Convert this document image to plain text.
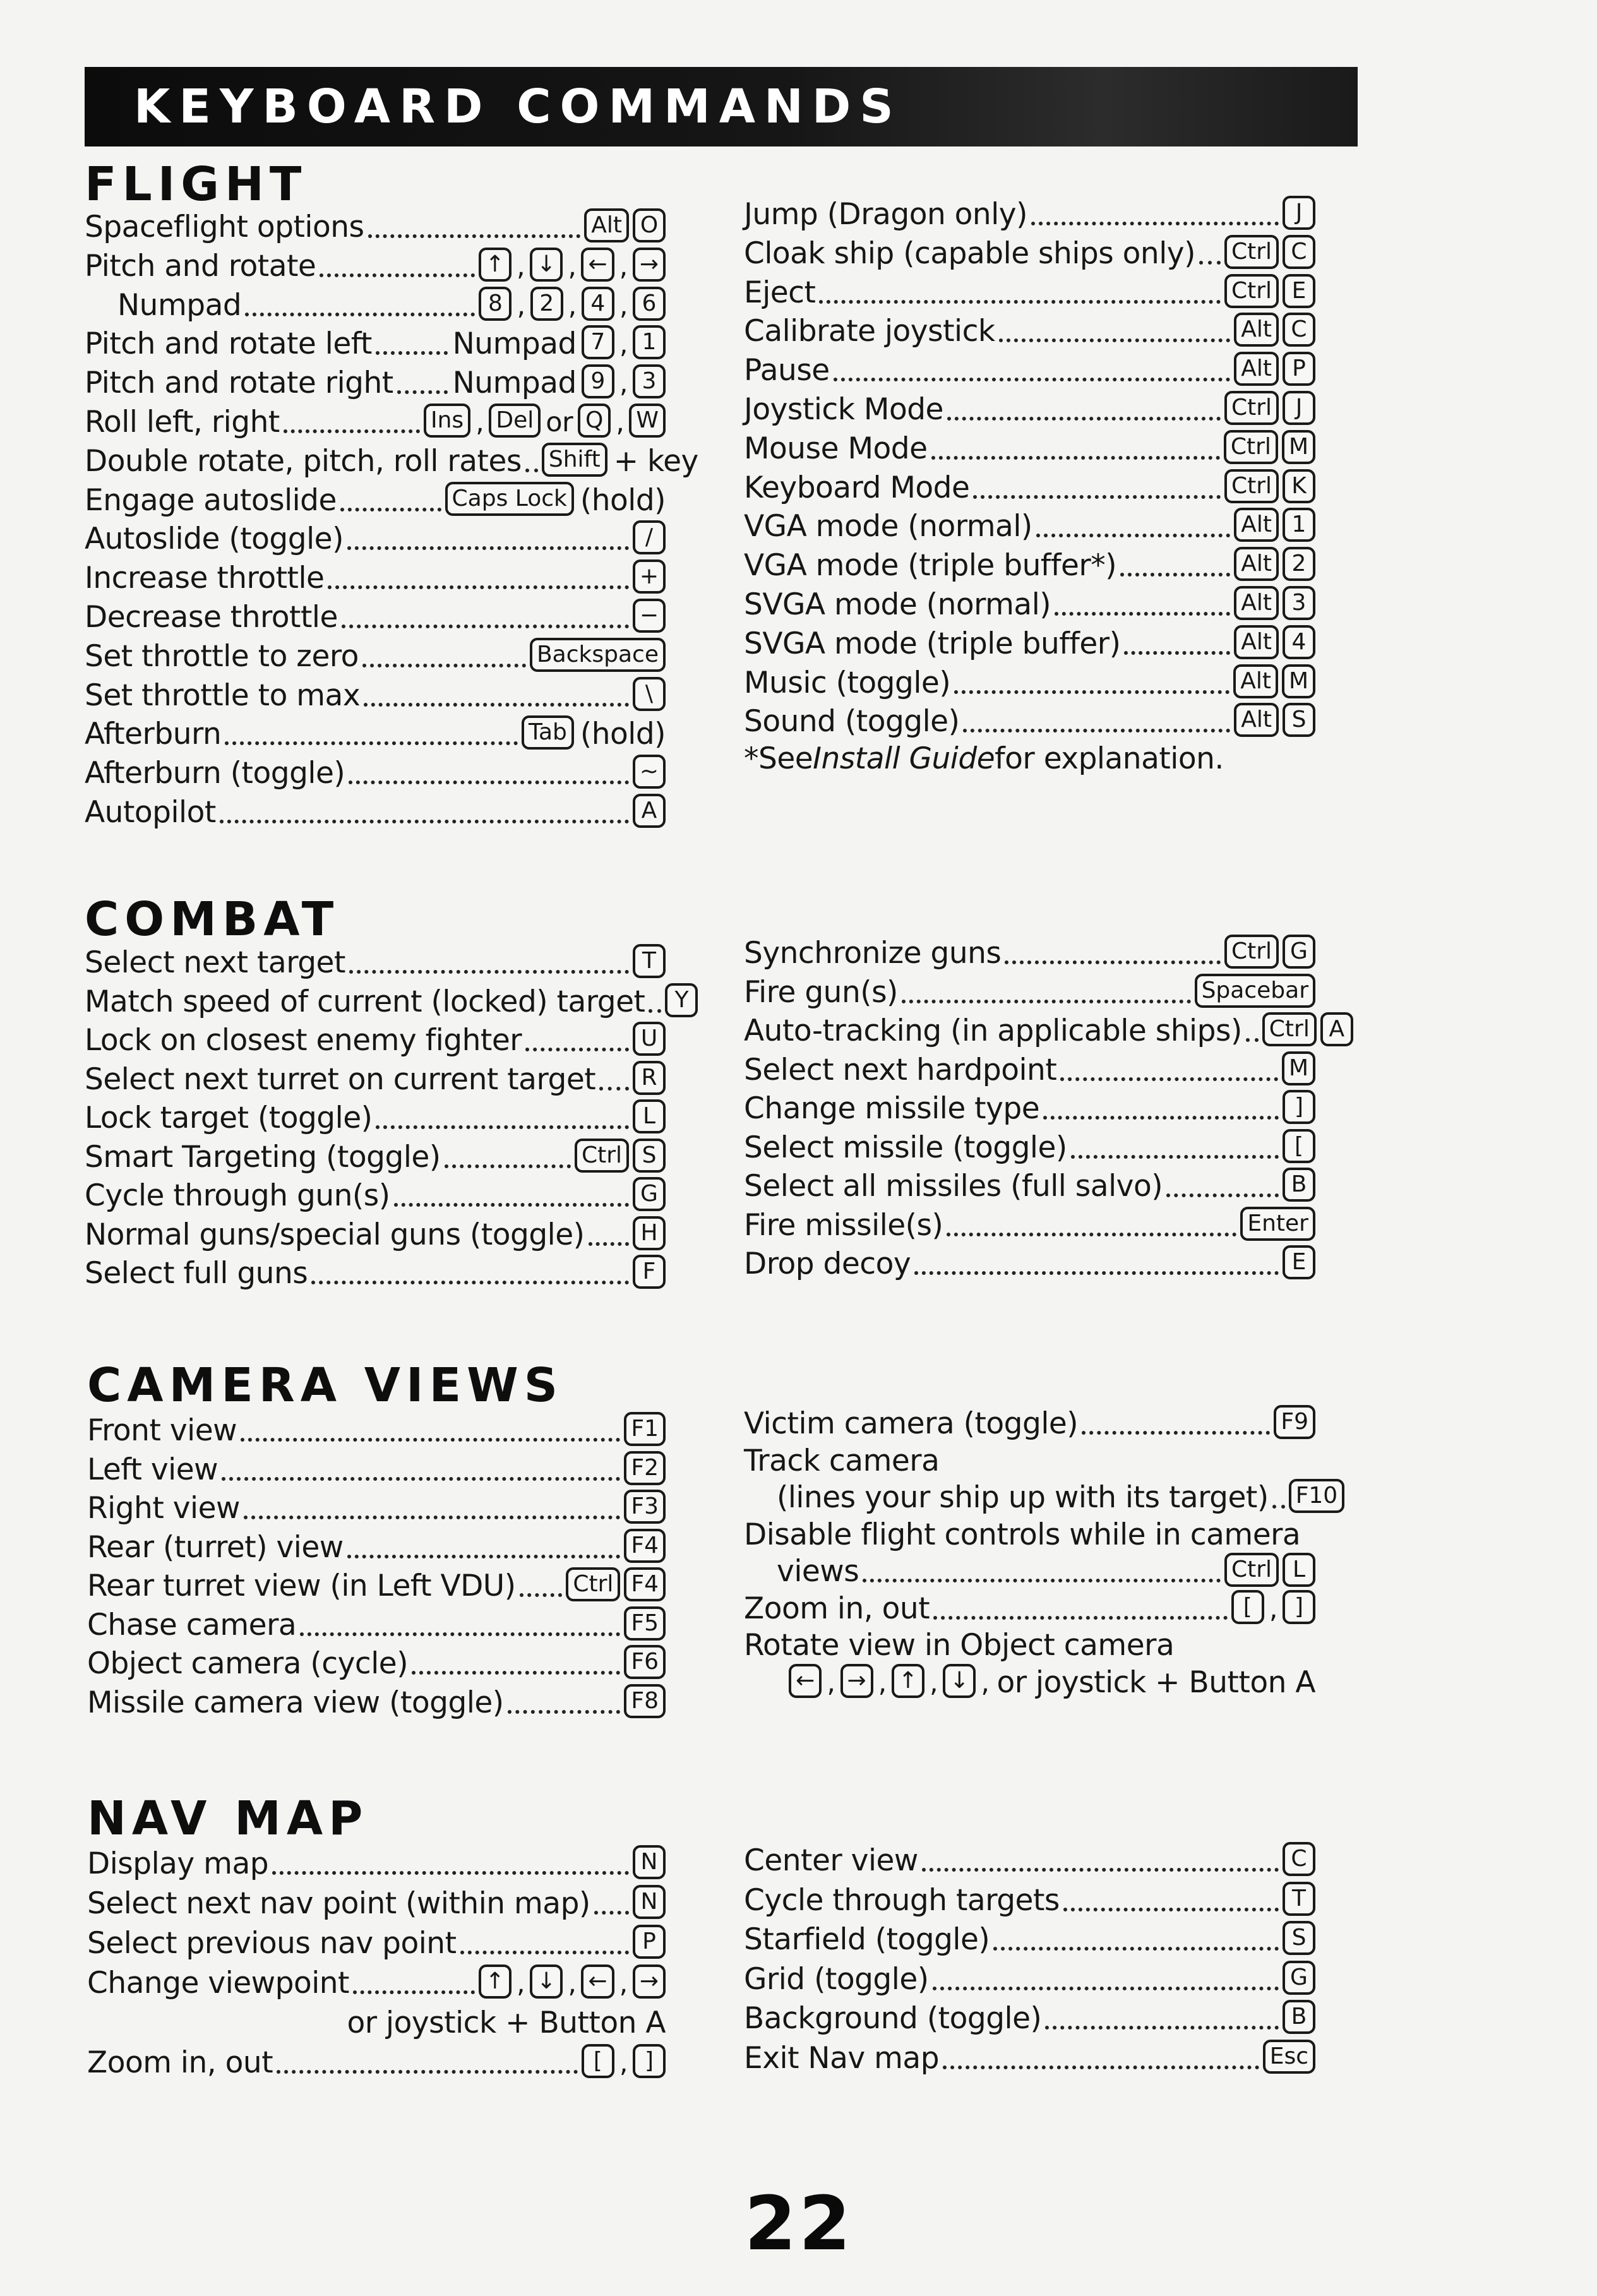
KEYBOARD COMMANDS
FLIGHT
Spaceflight options	Alt O
Pitch and rotate	↑ , ↓ , ← , →
Numpad	8 , 2 , 4 , 6
Pitch and rotate left	Numpad 7 , 1
Pitch and rotate right Numpad 9 , 3
Roll left, right	Ins , Del or Q , W
Double rotate, pitch, roll rates	Shift + key
Engage autoslide	Caps Lock (hold)
Autoslide (toggle)	/
Increase throttle	+
Decrease throttle	−
Set throttle to zero	Backspace
Set throttle to max	\
Afterburn	Tab (hold)
Afterburn (toggle)	~
Autopilot	A
Jump (Dragon only)	J
Cloak ship (capable ships only)	Ctrl C
Eject	Ctrl E
Calibrate joystick	Alt C
Pause	Alt P
Joystick Mode	Ctrl	J
Mouse Mode	Ctrl M
Keyboard Mode	Ctrl K
VGA mode (normal)	Alt 1
VGA mode (triple buffer*)	Alt 2
SVGA mode (normal)	Alt 3
SVGA mode (triple buffer)	Alt 4
Music (toggle)	Alt M
Sound (toggle)	Alt S
*See Install Guide for explanation.
COMBAT
Select next target	T
Match speed of current (locked) target	Y
Lock on closest enemy fighter	U
Select next turret on current target	R
Lock target (toggle)	L
Smart Targeting (toggle)	Ctrl S
Cycle through gun(s)	G
Normal guns/special guns (toggle)	H
Select full guns	F
Synchronize guns	Ctrl G
Fire gun(s)	Spacebar
Auto-tracking (in applicable ships)	Ctrl A
Select next hardpoint	M
Change missile type	]
Select missile (toggle)	[
Select all missiles (full salvo)	B
Fire missile(s)	Enter
Drop decoy	E
CAMERA VIEWS
Front view	F1
Left view	F2
Right view	F3
Rear (turret) view	F4
Rear turret view (in Left VDU)	Ctrl F4
Chase camera	F5
Object camera (cycle)	F6
Missile camera view (toggle)	F8
Victim camera (toggle)	F9
Track camera
(lines your ship up with its target)	F10
Disable flight controls while in camera
views	Ctrl L
Zoom in, out	[ , ]
Rotate view in Object camera
← , → , ↑ , ↓ , or joystick + Button A
NAV MAP
Display map	N
Select next nav point (within map)	N
Select previous nav point	P
Change viewpoint	↑ , ↓ , ← , →
or joystick + Button A
Zoom in, out	[ , ]
Center view	C
Cycle through targets	T
Starfield (toggle)	S
Grid (toggle)	G
Background (toggle)	B
Exit Nav map	Esc
22
